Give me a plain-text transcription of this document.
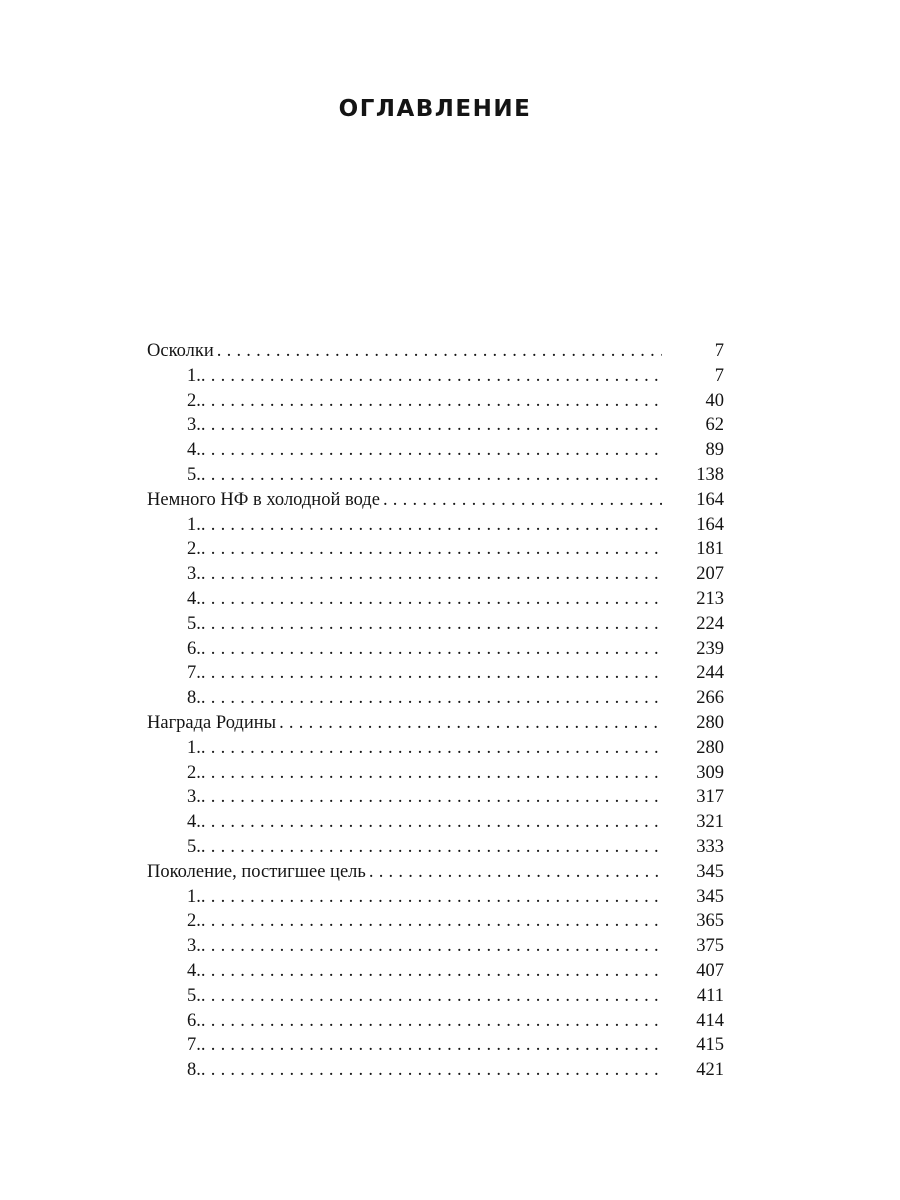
ОГЛАВЛЕНИЕ
Осколки . . .	7
1. . . .	7
2. . . .	40
3. . . .	62
4. . . .	89
5. . . .	138
Немного НФ в холодной воде . . .	164
1. . . .	164
2. . . .	181
3. . . .	207
4. . . .	213
5. . . .	224
6. . . .	239
7. . . .	244
8. . . .	266
Награда Родины . . .	280
1. . . .	280
2. . . .	309
3. . . .	317
4. . . .	321
5. . . .	333
Поколение, постигшее цель . . .	345
1. . . .	345
2. . . .	365
3. . . .	375
4. . . .	407
5. . . .	411
6. . . .	414
7. . . .	415
8. . . .	421
